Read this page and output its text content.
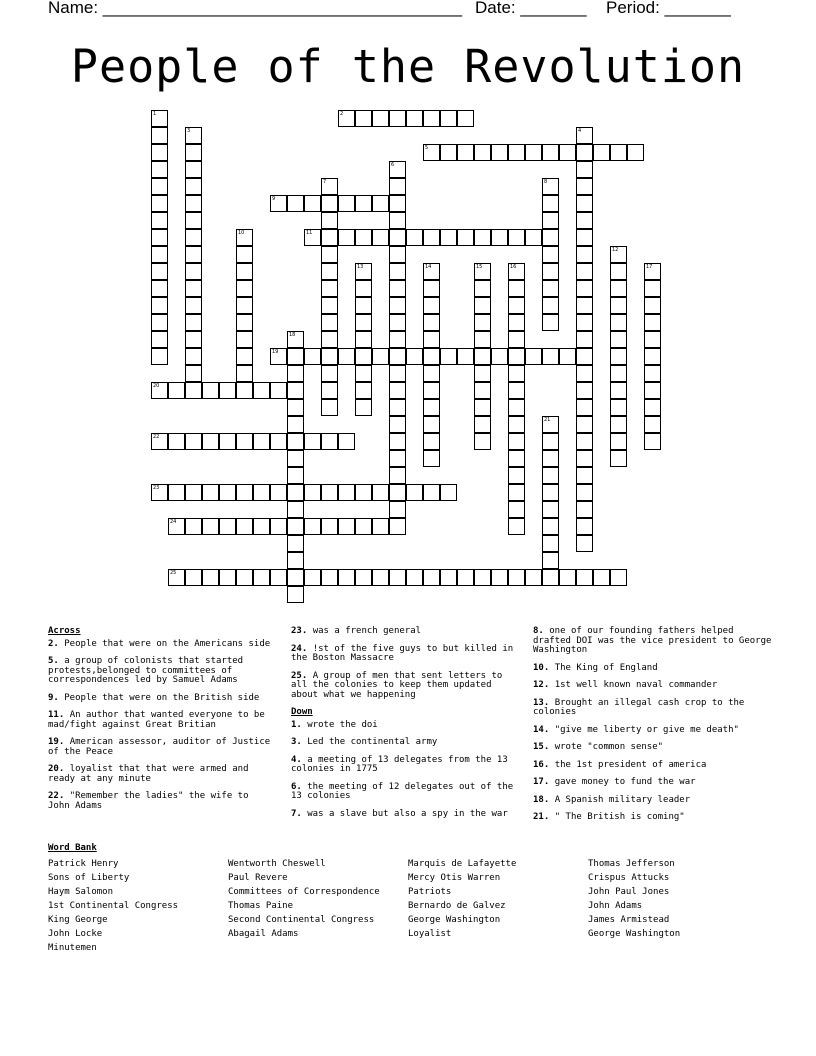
Name: ______________________________________ Date: _______ Period: _______
People of the Revolution
1	2
3	4
5
6
7	8
9
10	11
12
13	14	15	16	17
18
19
20
21
22
23
24
25
Across
2. People that were on the Americans side
5. a group of colonists that started protests,belonged to committees of correspondences led by Samuel Adams
9. People that were on the British side
11. An author that wanted everyone to be mad/fight against Great Britian
19. American assessor, auditor of Justice of the Peace
20. loyalist that that were armed and ready at any minute
22. "Remember the ladies" the wife to John Adams
23. was a french general
24. !st of the five guys to but killed in the Boston Massacre
25. A group of men that sent letters to all the colonies to keep them updated about what we happening
Down
1. wrote the doi
3. Led the continental army
4. a meeting of 13 delegates from the 13 colonies in 1775
6. the meeting of 12 delegates out of the 13 colonies
7. was a slave but also a spy in the war
8. one of our founding fathers helped drafted DOI was the vice president to George Washington
10. The King of England
12. 1st well known naval commander
13. Brought an illegal cash crop to the colonies
14. "give me liberty or give me death"
15. wrote "common sense"
16. the 1st president of america
17. gave money to fund the war
18. A Spanish military leader
21. " The British is coming"
Word Bank
Patrick Henry
Sons of Liberty
Haym Salomon
1st Continental Congress
King George
John Locke
Minutemen
Wentworth Cheswell
Paul Revere
Committees of Correspondence
Thomas Paine
Second Continental Congress
Abagail Adams
Marquis de Lafayette
Mercy Otis Warren
Patriots
Bernardo de Galvez
George Washington
Loyalist
Thomas Jefferson
Crispus Attucks
John Paul Jones
John Adams
James Armistead
George Washington
